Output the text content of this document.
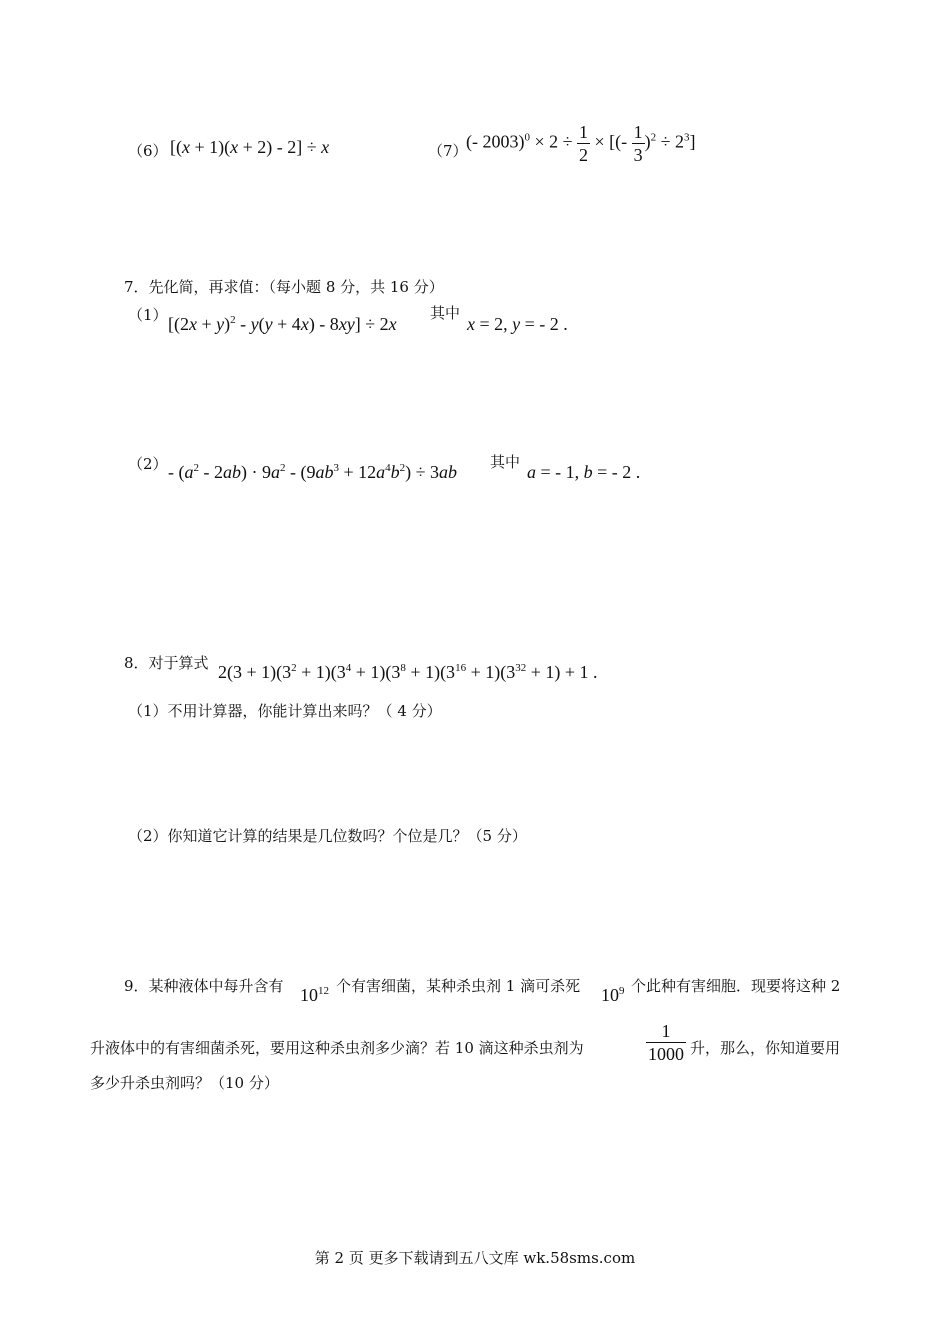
（6） [(x + 1)(x + 2) - 2] ÷ x	（7）
(- $2003)^0 \times 2 \div \frac{1}{2}$ × [(- $\frac{1}{3} )^2 \div 2^3$]
7．先化简，再求值：（每小题 8 分，共 16 分）
（1） $[(2x + y)^2 - y(y + 4x) - 8xy] \div 2x$
其中
x = 2, y = - 2 .
$(2) - (a^2 - 2ab) \cdot 9a^2 - (9ab^3 + 12a^4b^2) \div 3ab$ 其中 a = - 1, b = - 2 .
8．对于算式 $2(3 + 1)(3^2 + 1)(3^4 + 1)(3^8 + 1)(3^{16} + 1)(3^{32} + 1) + 1$ .
（1）不用计算器，你能计算出来吗？（ 4 分）
（2）你知道它计算的结果是几位数吗？个位是几？（5 分）
9．某种液体中每升含有 $10^{12}$ 个有害细菌，某种杀虫剂 1 滴可杀死 $10^9$ 个此种有害细胞．现要将这种 2
升液体中的有害细菌杀死，要用这种杀虫剂多少滴？若 10 滴这种杀虫剂为	$\frac{1}{1000}$ 升，那么，你知道要用
多少升杀虫剂吗？（10 分）
第 2 页 更多下载请到五八文库 wk.58sms.com
